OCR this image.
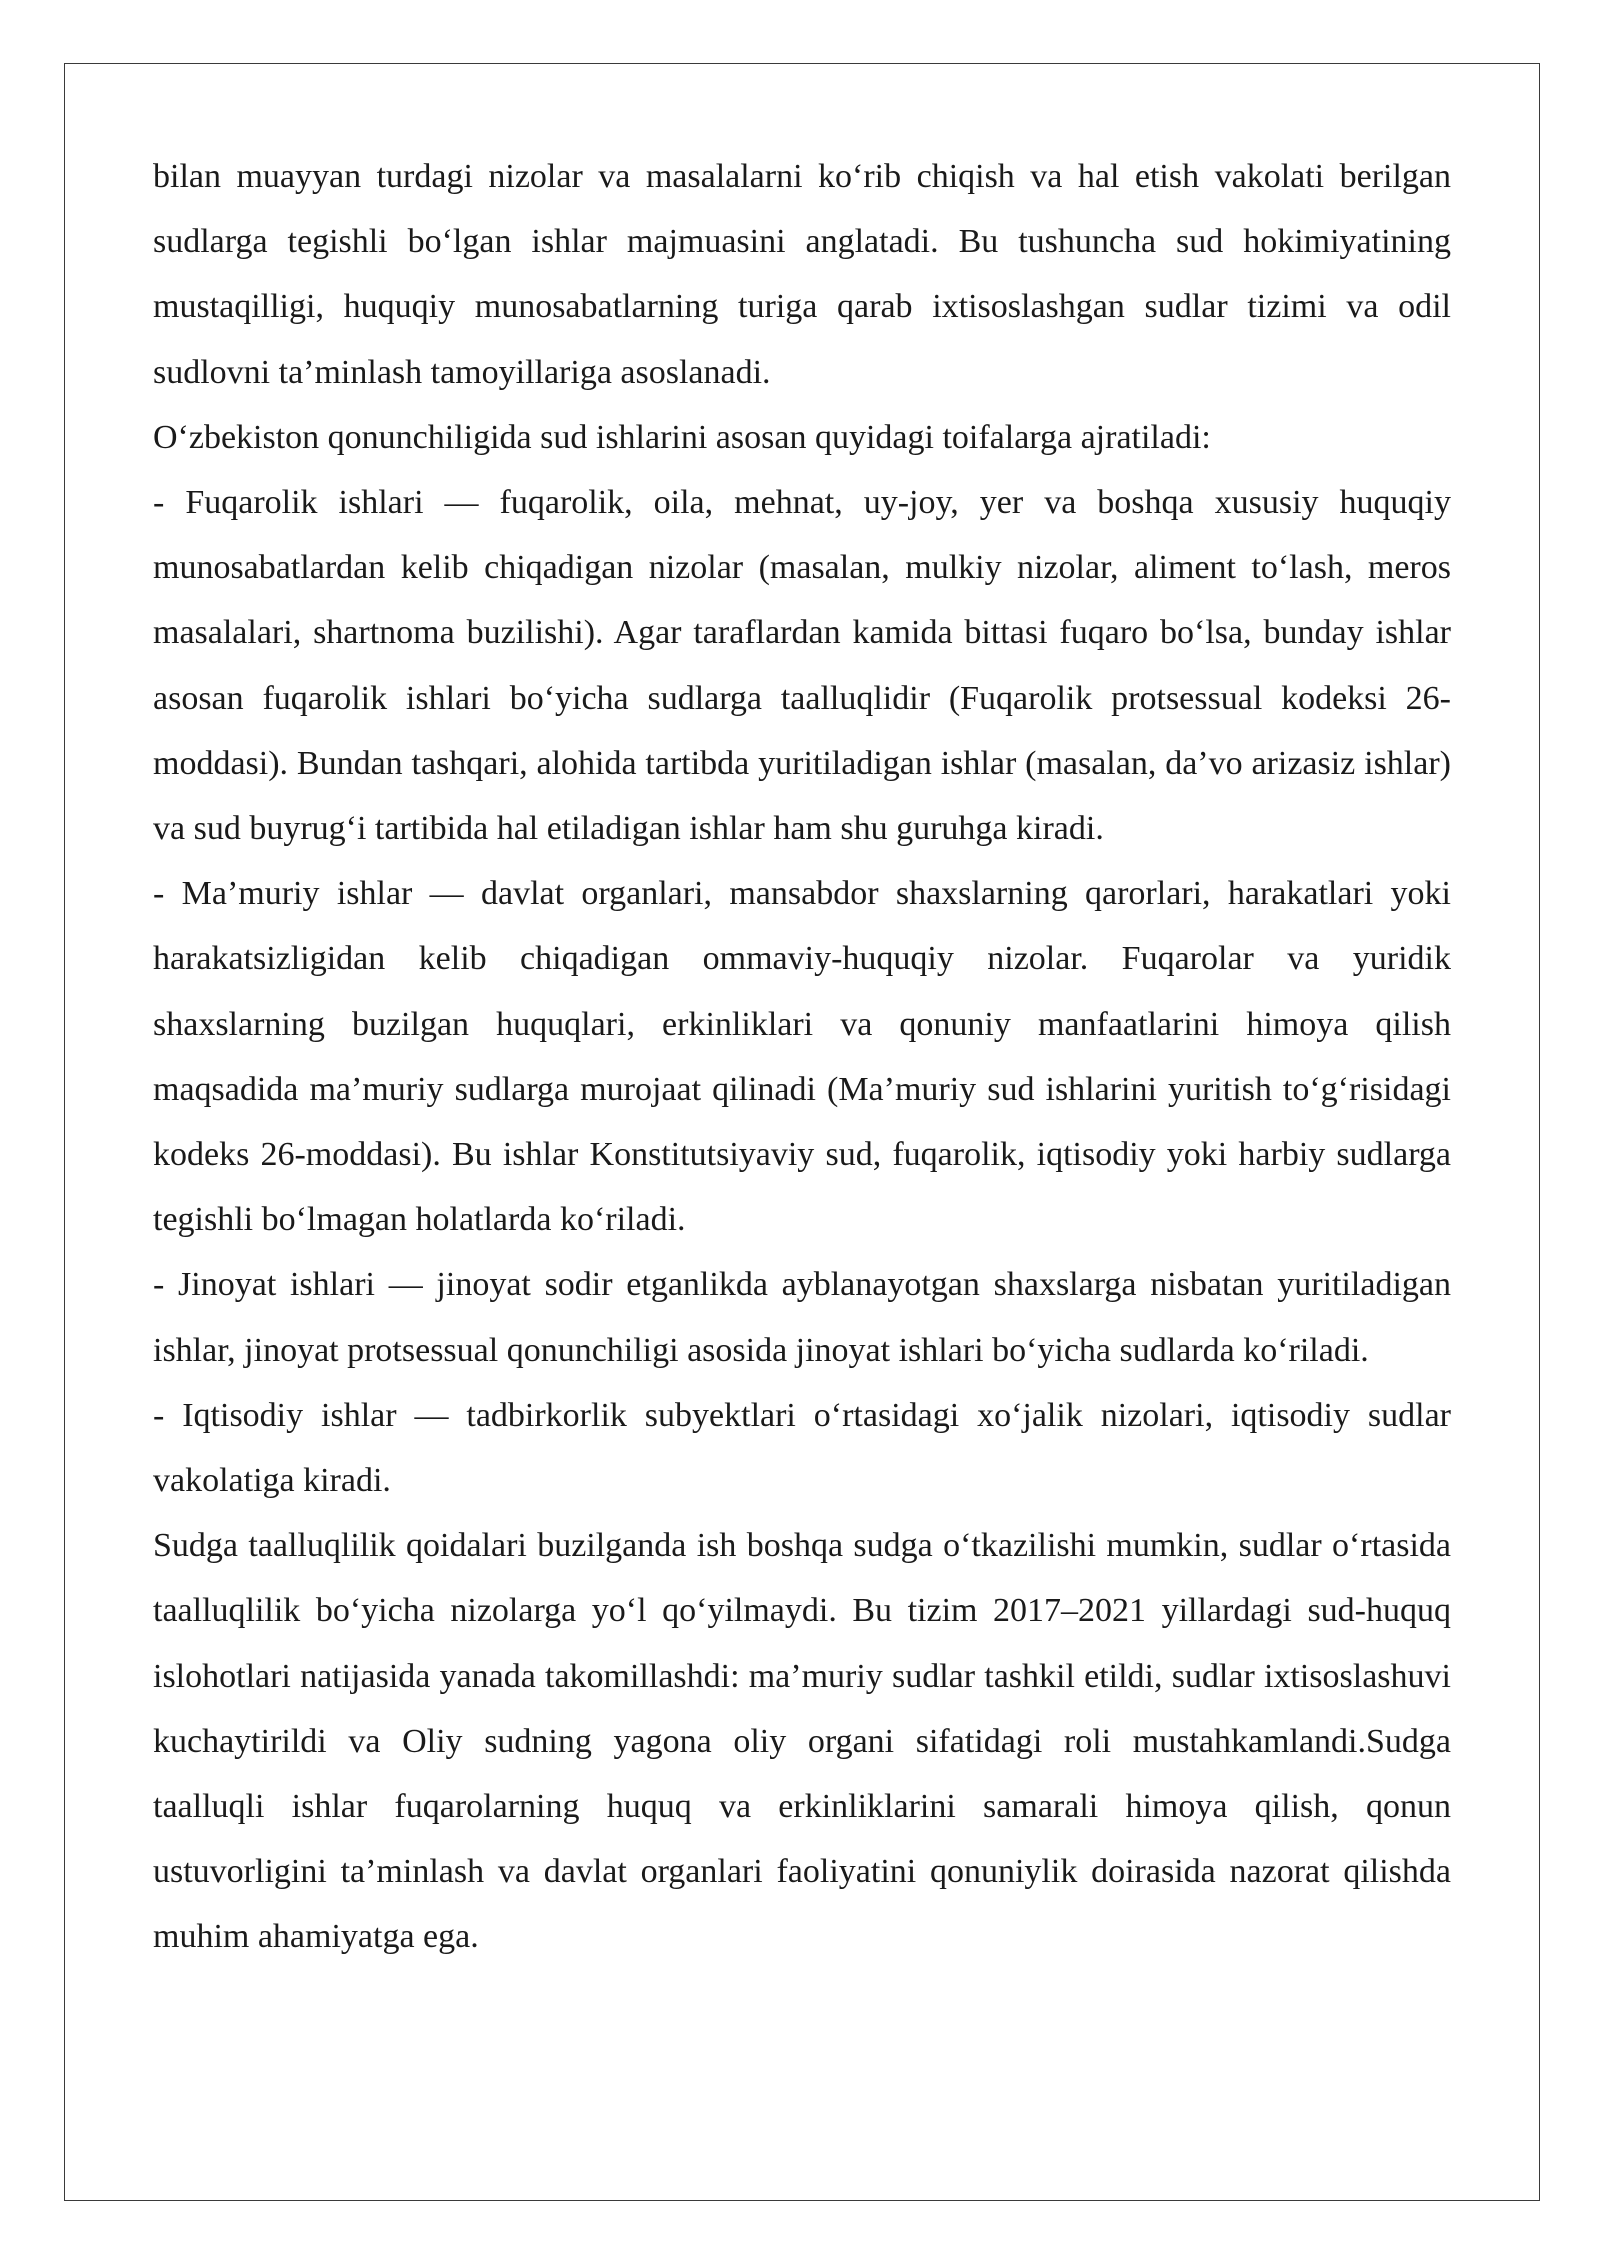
bilan muayyan turdagi nizolar va masalalarni ko‘rib chiqish va hal etish vakolati berilgan sudlarga tegishli bo‘lgan ishlar majmuasini anglatadi. Bu tushuncha sud hokimiyatining mustaqilligi, huquqiy munosabatlarning turiga qarab ixtisoslashgan sudlar tizimi va odil sudlovni ta’minlash tamoyillariga asoslanadi.

O‘zbekiston qonunchiligida sud ishlarini asosan quyidagi toifalarga ajratiladi:

- Fuqarolik ishlari — fuqarolik, oila, mehnat, uy-joy, yer va boshqa xususiy huquqiy munosabatlardan kelib chiqadigan nizolar (masalan, mulkiy nizolar, aliment to‘lash, meros masalalari, shartnoma buzilishi). Agar taraflardan kamida bittasi fuqaro bo‘lsa, bunday ishlar asosan fuqarolik ishlari bo‘yicha sudlarga taalluqlidir (Fuqarolik protsessual kodeksi 26-moddasi). Bundan tashqari, alohida tartibda yuritiladigan ishlar (masalan, da’vo arizasiz ishlar) va sud buyrug‘i tartibida hal etiladigan ishlar ham shu guruhga kiradi.

- Ma’muriy ishlar — davlat organlari, mansabdor shaxslarning qarorlari, harakatlari yoki harakatsizligidan kelib chiqadigan ommaviy-huquqiy nizolar. Fuqarolar va yuridik shaxslarning buzilgan huquqlari, erkinliklari va qonuniy manfaatlarini himoya qilish maqsadida ma’muriy sudlarga murojaat qilinadi (Ma’muriy sud ishlarini yuritish to‘g‘risidagi kodeks 26-moddasi). Bu ishlar Konstitutsiyaviy sud, fuqarolik, iqtisodiy yoki harbiy sudlarga tegishli bo‘lmagan holatlarda ko‘riladi.

- Jinoyat ishlari — jinoyat sodir etganlikda ayblanayotgan shaxslarga nisbatan yuritiladigan ishlar, jinoyat protsessual qonunchiligi asosida jinoyat ishlari bo‘yicha sudlarda ko‘riladi.

- Iqtisodiy ishlar — tadbirkorlik subyektlari o‘rtasidagi xo‘jalik nizolari, iqtisodiy sudlar vakolatiga kiradi.

Sudga taalluqlilik qoidalari buzilganda ish boshqa sudga o‘tkazilishi mumkin, sudlar o‘rtasida taalluqlilik bo‘yicha nizolarga yo‘l qo‘yilmaydi. Bu tizim 2017–2021 yillardagi sud-huquq islohotlari natijasida yanada takomillashdi: ma’muriy sudlar tashkil etildi, sudlar ixtisoslashuvi kuchaytirildi va Oliy sudning yagona oliy organi sifatidagi roli mustahkamlandi.Sudga taalluqli ishlar fuqarolarning huquq va erkinliklarini samarali himoya qilish, qonun ustuvorligini ta’minlash va davlat organlari faoliyatini qonuniylik doirasida nazorat qilishda muhim ahamiyatga ega.
